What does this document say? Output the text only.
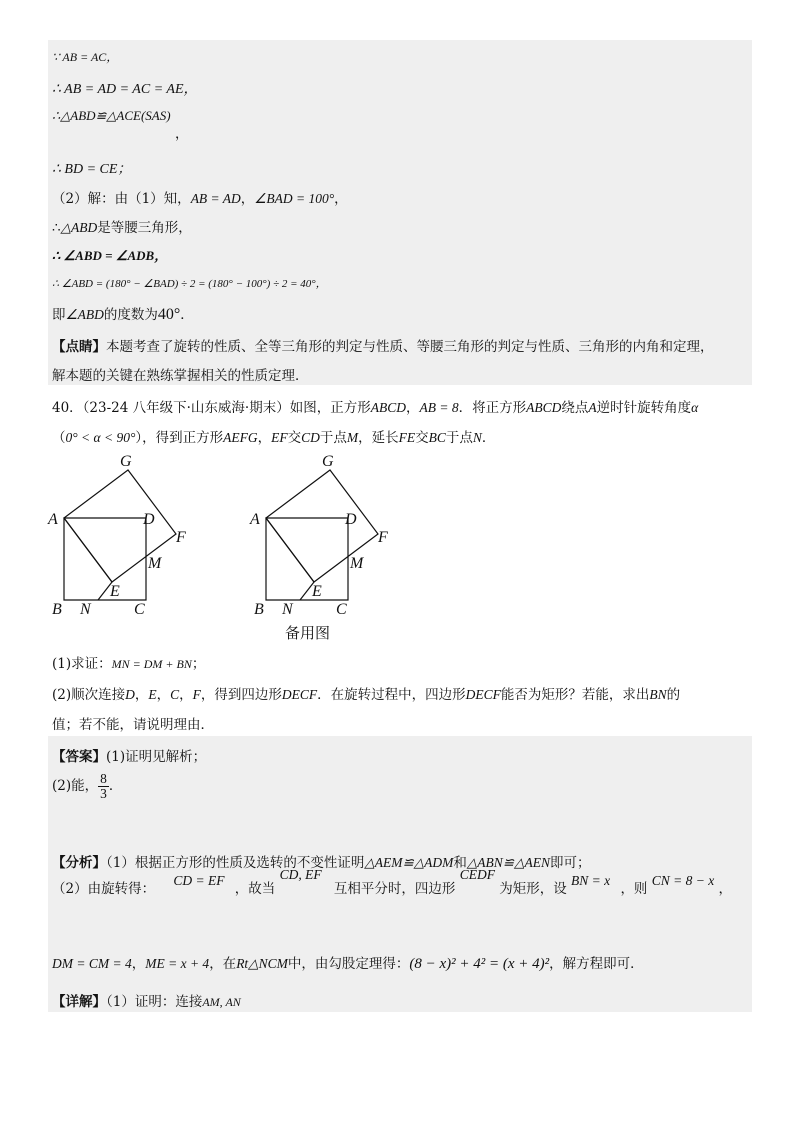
∵ AB = AC，
∴ AB = AD = AC = AE，
∴△ABD≌△ACE(SAS)
，
∴ BD = CE；
（2）解：由（1）知，AB = AD，∠BAD = 100°，
∴△ABD是等腰三角形，
∴ ∠ABD = ∠ADB，
∴ ∠ABD = (180° − ∠BAD) ÷ 2 = (180° − 100°) ÷ 2 = 40°，
即∠ABD的度数为40°．
【点睛】本题考查了旋转的性质、全等三角形的判定与性质、等腰三角形的判定与性质、三角形的内角和定理，
解本题的关键在熟练掌握相关的性质定理．
40．（23-24 八年级下·山东威海·期末）如图，正方形ABCD，AB = 8．将正方形ABCD绕点A逆时针旋转角度α
（0° < α < 90°），得到正方形AEFG，EF交CD于点M，延长FE交BC于点N．
G
A	D
F
M
E
B N	C
G
A	D
F
M
E
B N	C
备用图
(1)求证：MN = DM + BN；
(2)顺次连接D，E，C，F，得到四边形DECF．在旋转过程中，四边形DECF能否为矩形？若能，求出BN的
值；若不能，请说明理由．
【答案】(1)证明见解析；
(2)能， $\frac{8}{3}$ ．
【分析】（1）根据正方形的性质及选转的不变性证明△AEM≌△ADM和△ABN≌△AEN即可；
（2）由旋转得： CD = EF ，故当 CD, EF 互相平分时，四边形 CEDF 为矩形，设 BN = x ，则 CN = 8 − x ，
DM = CM = 4，ME = x + 4，在Rt△NCM中，由勾股定理得：(8 − x)² + 4² = (x + 4)²，解方程即可．
【详解】（1）证明：连接AM, AN
